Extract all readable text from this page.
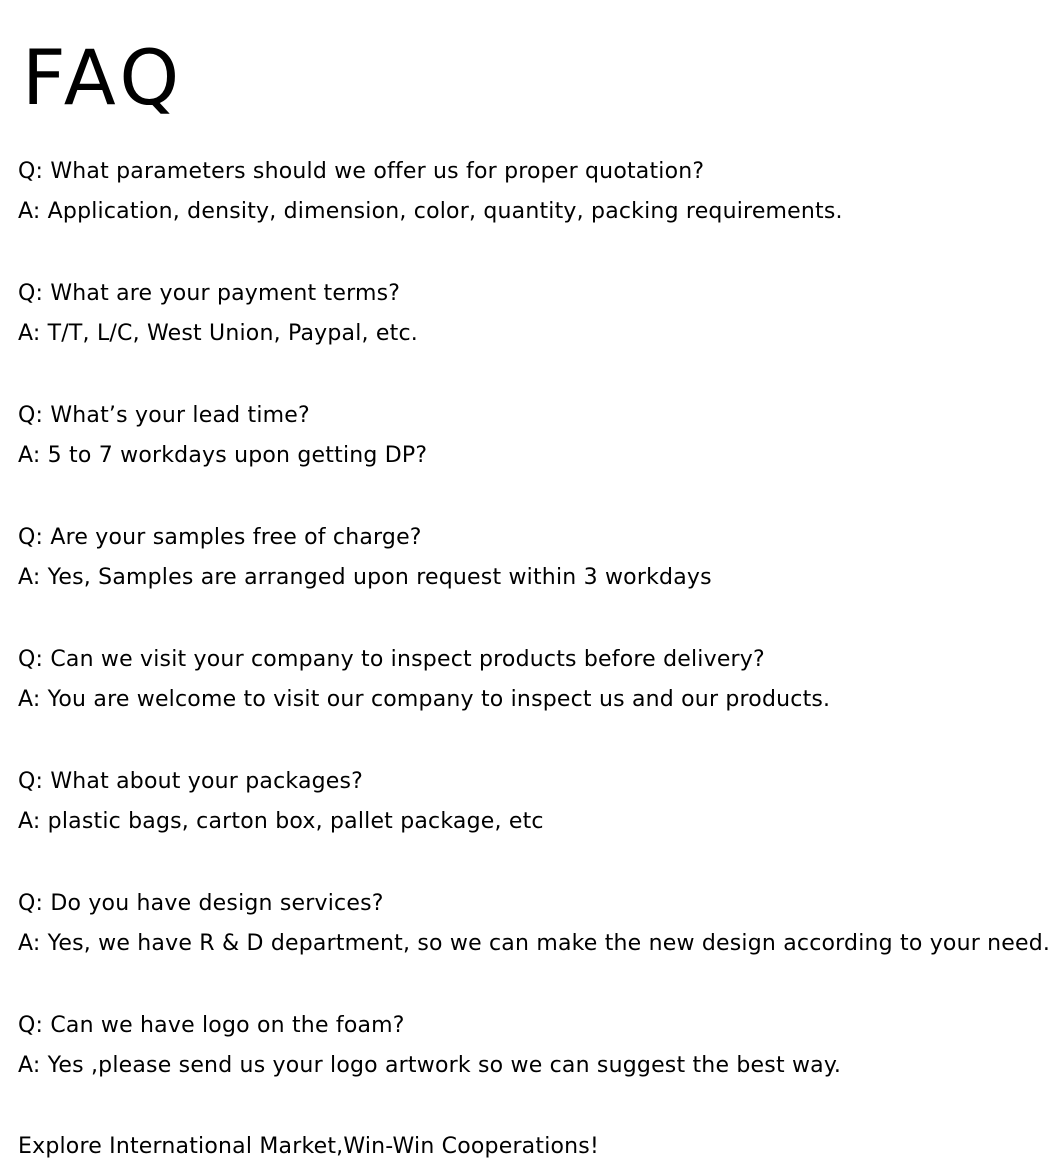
FAQ
Q: What parameters should we offer us for proper quotation?
A: Application, density, dimension, color, quantity, packing requirements.
Q: What are your payment terms?
A: T/T, L/C, West Union, Paypal, etc.
Q: What’s your lead time?
A: 5 to 7 workdays upon getting DP?
Q: Are your samples free of charge?
A: Yes, Samples are arranged upon request within 3 workdays
Q: Can we visit your company to inspect products before delivery?
A: You are welcome to visit our company to inspect us and our products.
Q: What about your packages?
A: plastic bags, carton box, pallet package, etc
Q: Do you have design services?
A: Yes, we have R & D department, so we can make the new design according to your need.
Q: Can we have logo on the foam?
A: Yes ,please send us your logo artwork so we can suggest the best way.
Explore International Market,Win-Win Cooperations!
